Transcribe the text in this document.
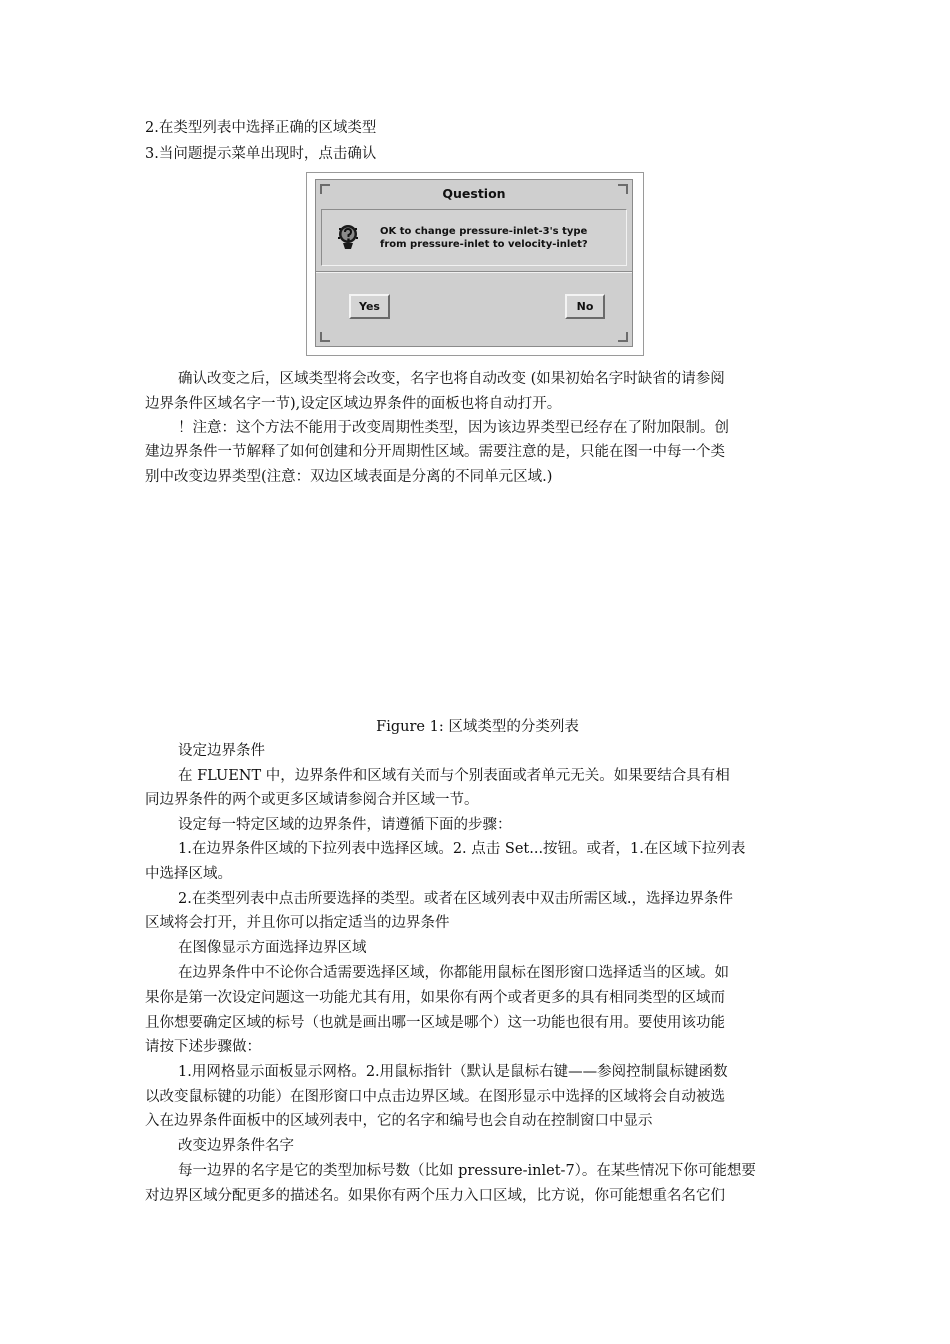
2.在类型列表中选择正确的区域类型
3.当问题提示菜单出现时，点击确认
Question
OK to change pressure-inlet-3's type
from pressure-inlet to velocity-inlet?
Yes	No
确认改变之后，区域类型将会改变，名字也将自动改变 (如果初始名字时缺省的请参阅
边界条件区域名字一节),设定区域边界条件的面板也将自动打开。
！注意：这个方法不能用于改变周期性类型，因为该边界类型已经存在了附加限制。创
建边界条件一节解释了如何创建和分开周期性区域。需要注意的是，只能在图一中每一个类
别中改变边界类型(注意：双边区域表面是分离的不同单元区域.)
Figure 1: 区域类型的分类列表
设定边界条件
在 FLUENT 中，边界条件和区域有关而与个别表面或者单元无关。如果要结合具有相
同边界条件的两个或更多区域请参阅合并区域一节。
设定每一特定区域的边界条件，请遵循下面的步骤：
1.在边界条件区域的下拉列表中选择区域。2. 点击 Set...按钮。或者，1.在区域下拉列表
中选择区域。
2.在类型列表中点击所要选择的类型。或者在区域列表中双击所需区域.，选择边界条件
区域将会打开，并且你可以指定适当的边界条件
在图像显示方面选择边界区域
在边界条件中不论你合适需要选择区域，你都能用鼠标在图形窗口选择适当的区域。如
果你是第一次设定问题这一功能尤其有用，如果你有两个或者更多的具有相同类型的区域而
且你想要确定区域的标号（也就是画出哪一区域是哪个）这一功能也很有用。要使用该功能
请按下述步骤做：
1.用网格显示面板显示网格。2.用鼠标指针（默认是鼠标右键——参阅控制鼠标键函数
以改变鼠标键的功能）在图形窗口中点击边界区域。在图形显示中选择的区域将会自动被选
入在边界条件面板中的区域列表中，它的名字和编号也会自动在控制窗口中显示
改变边界条件名字
每一边界的名字是它的类型加标号数（比如 pressure-inlet-7）。在某些情况下你可能想要
对边界区域分配更多的描述名。如果你有两个压力入口区域，比方说，你可能想重名名它们
